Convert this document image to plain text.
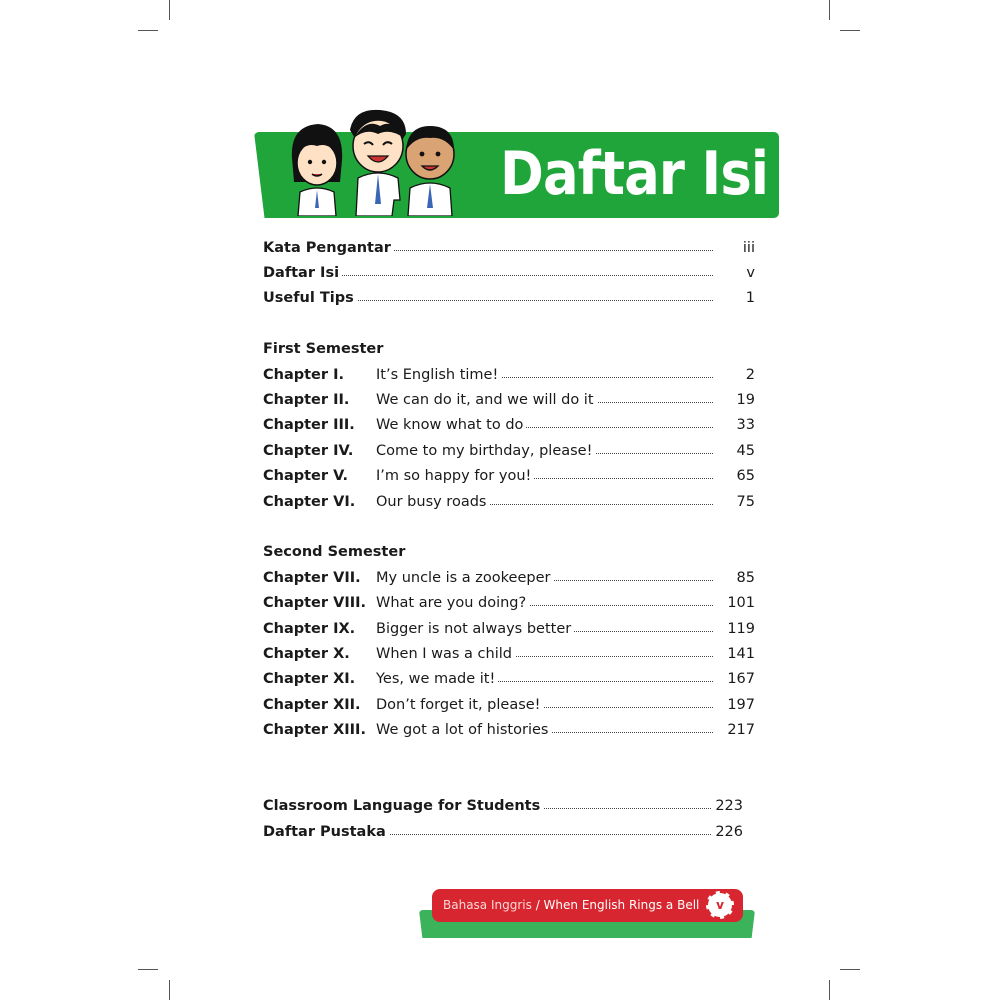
Daftar Isi
Kata Pengantar	iii
Daftar Isi	v
Useful Tips	1
First Semester
Chapter I. It’s English time!	2
Chapter II. We can do it, and we will do it	19
Chapter III. We know what to do	33
Chapter IV. Come to my birthday, please!	45
Chapter V. I’m so happy for you!	65
Chapter VI. Our busy roads	75
Second Semester
Chapter VII. My uncle is a zookeeper	85
Chapter VIII. What are you doing?	101
Chapter IX. Bigger is not always better	119
Chapter X. When I was a child	141
Chapter XI. Yes, we made it!	167
Chapter XII. Don’t forget it, please!	197
Chapter XIII. We got a lot of histories	217
Classroom Language for Students	223
Daftar Pustaka	226
Bahasa Inggris / When English Rings a Bell	v
